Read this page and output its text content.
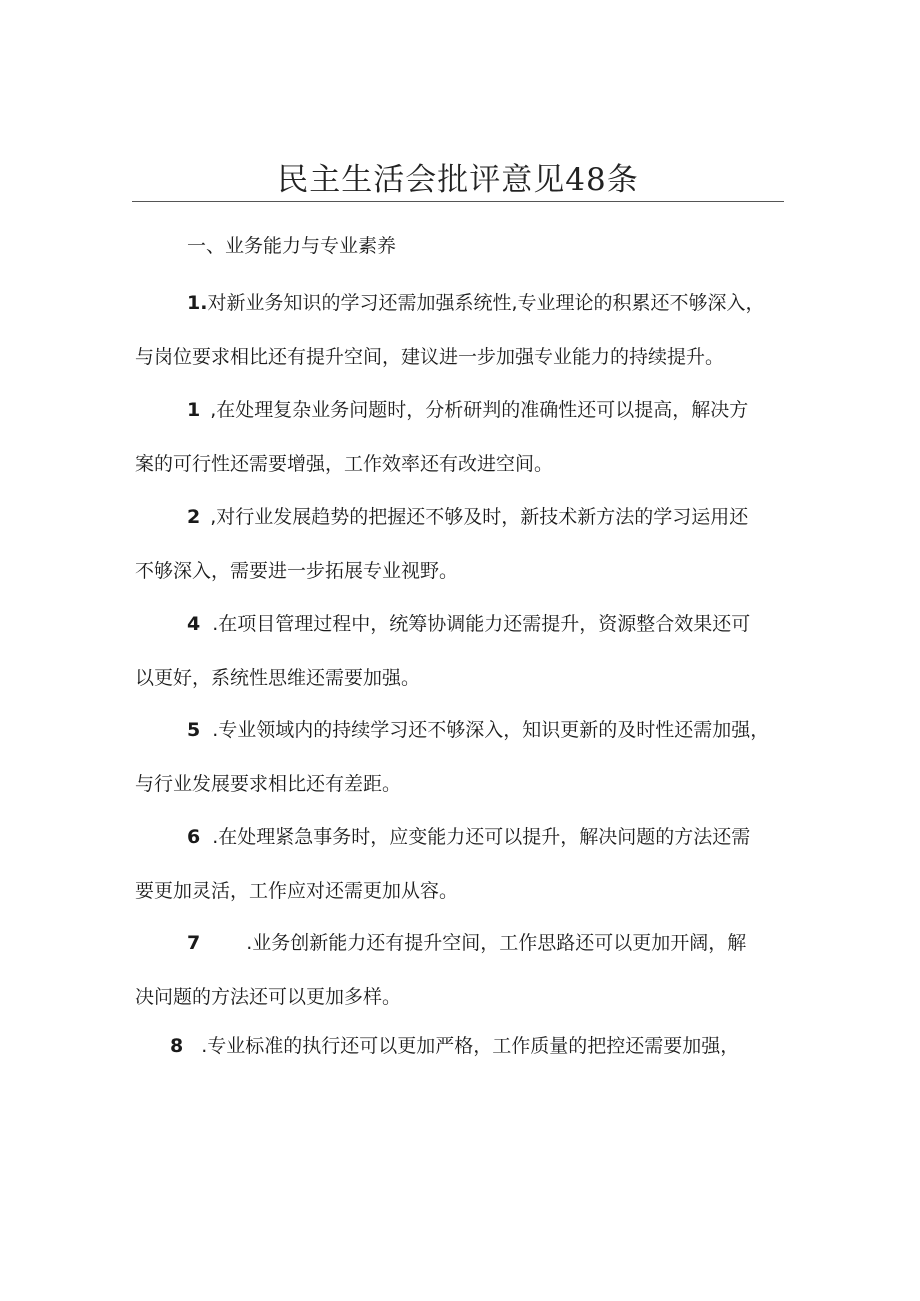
民主生活会批评意见48条
一、业务能力与专业素养

1.对新业务知识的学习还需加强系统性,专业理论的积累还不够深入，
与岗位要求相比还有提升空间，建议进一步加强专业能力的持续提升。

1 ,在处理复杂业务问题时，分析研判的准确性还可以提高，解决方
案的可行性还需要增强，工作效率还有改进空间。

2 ,对行业发展趋势的把握还不够及时，新技术新方法的学习运用还
不够深入，需要进一步拓展专业视野。

4 .在项目管理过程中，统筹协调能力还需提升，资源整合效果还可
以更好，系统性思维还需要加强。

5 .专业领域内的持续学习还不够深入，知识更新的及时性还需加强，
与行业发展要求相比还有差距。

6 .在处理紧急事务时，应变能力还可以提升，解决问题的方法还需
要更加灵活，工作应对还需更加从容。

7 .业务创新能力还有提升空间，工作思路还可以更加开阔，解
决问题的方法还可以更加多样。

8 .专业标准的执行还可以更加严格，工作质量的把控还需要加强，
